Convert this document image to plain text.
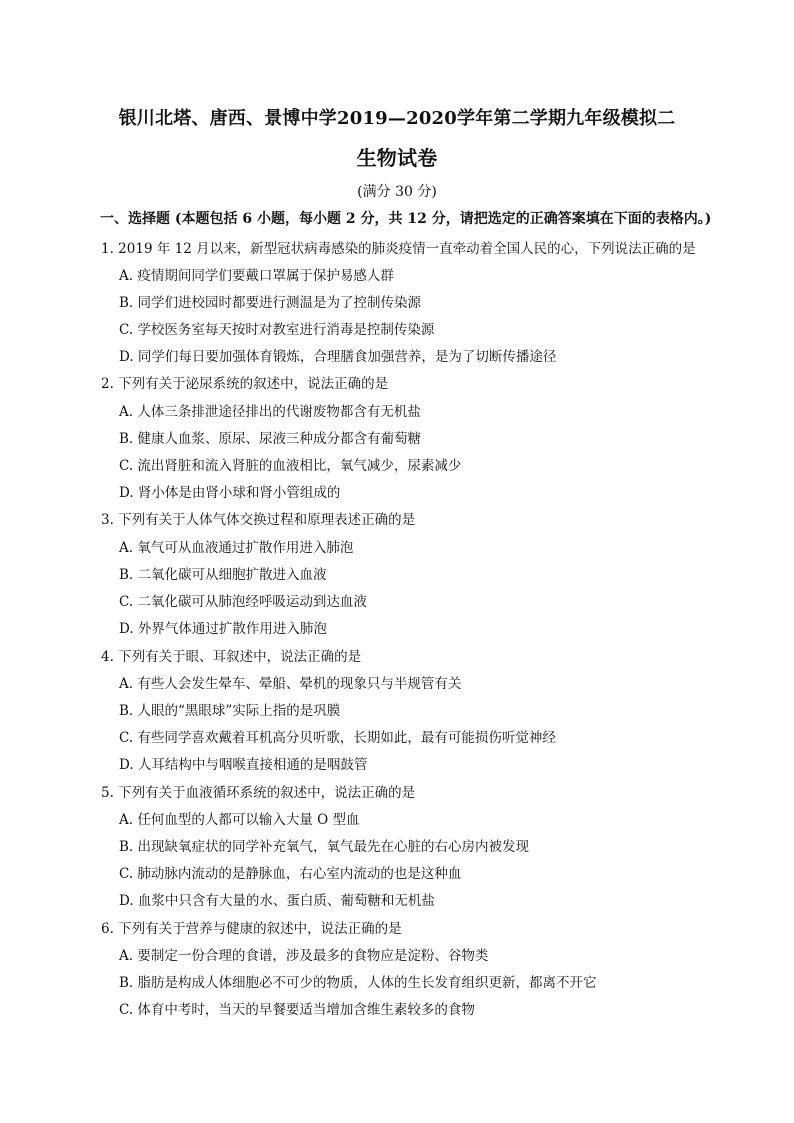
银川北塔、唐西、景博中学2019—2020学年第二学期九年级模拟二
生物试卷
(满分 30 分)
一、选择题 (本题包括 6 小题，每小题 2 分，共 12 分，请把选定的正确答案填在下面的表格内。)
1. 2019 年 12 月以来，新型冠状病毒感染的肺炎疫情一直牵动着全国人民的心，下列说法正确的是
A. 疫情期间同学们要戴口罩属于保护易感人群
B. 同学们进校园时都要进行测温是为了控制传染源
C. 学校医务室每天按时对教室进行消毒是控制传染源
D. 同学们每日要加强体育锻炼，合理膳食加强营养，是为了切断传播途径
2. 下列有关于泌尿系统的叙述中，说法正确的是
A. 人体三条排泄途径排出的代谢废物都含有无机盐
B. 健康人血浆、原尿、尿液三种成分都含有葡萄糖
C. 流出肾脏和流入肾脏的血液相比，氧气减少，尿素减少
D. 肾小体是由肾小球和肾小管组成的
3. 下列有关于人体气体交换过程和原理表述正确的是
A. 氧气可从血液通过扩散作用进入肺泡
B. 二氧化碳可从细胞扩散进入血液
C. 二氧化碳可从肺泡经呼吸运动到达血液
D. 外界气体通过扩散作用进入肺泡
4. 下列有关于眼、耳叙述中，说法正确的是
A. 有些人会发生晕车、晕船、晕机的现象只与半规管有关
B. 人眼的“黑眼球”实际上指的是巩膜
C. 有些同学喜欢戴着耳机高分贝听歌，长期如此，最有可能损伤听觉神经
D. 人耳结构中与咽喉直接相通的是咽鼓管
5. 下列有关于血液循环系统的叙述中，说法正确的是
A. 任何血型的人都可以输入大量 O 型血
B. 出现缺氧症状的同学补充氧气，氧气最先在心脏的右心房内被发现
C. 肺动脉内流动的是静脉血，右心室内流动的也是这种血
D. 血浆中只含有大量的水、蛋白质、葡萄糖和无机盐
6. 下列有关于营养与健康的叙述中，说法正确的是
A. 要制定一份合理的食谱，涉及最多的食物应是淀粉、谷物类
B. 脂肪是构成人体细胞必不可少的物质，人体的生长发育组织更新，都离不开它
C. 体育中考时，当天的早餐要适当增加含维生素较多的食物
